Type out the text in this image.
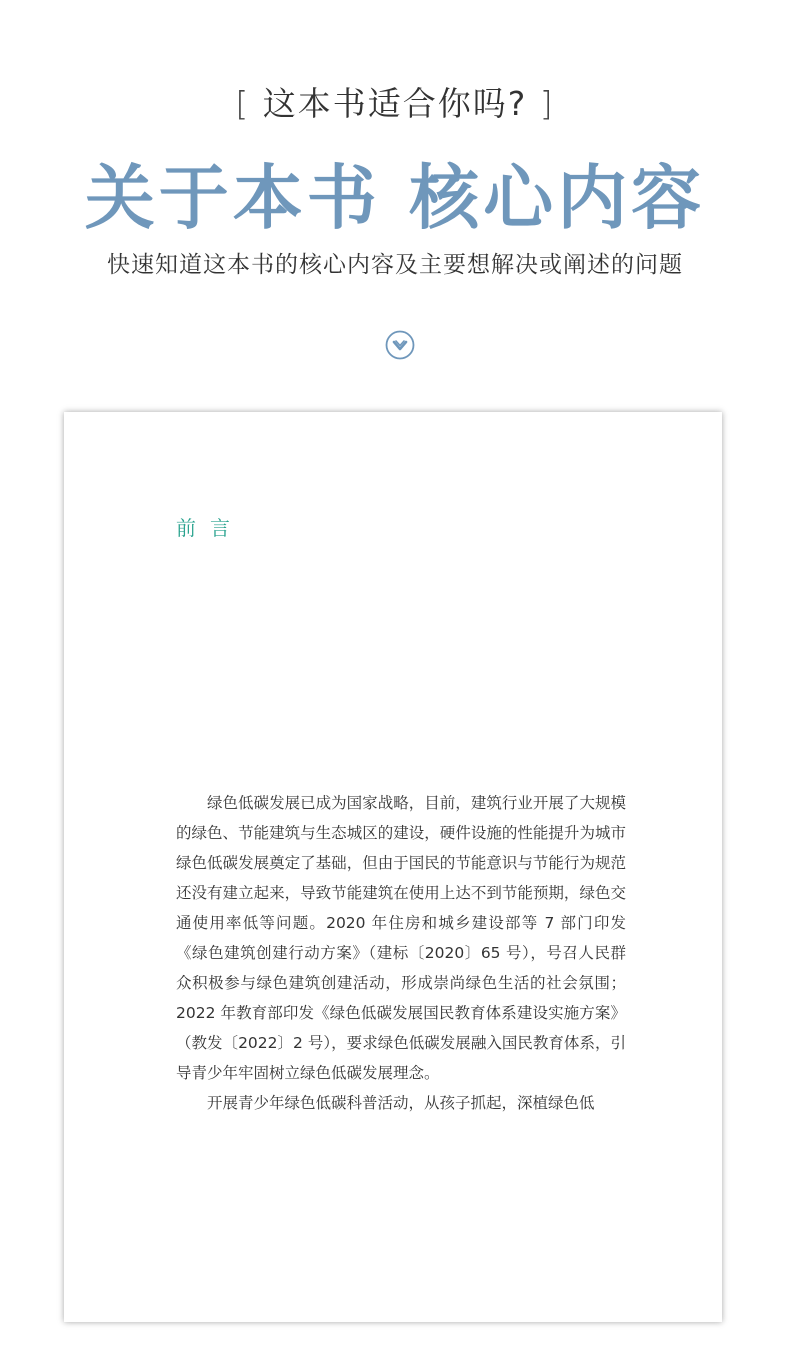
[ 这本书适合你吗? ]
关于本书 核心内容
快速知道这本书的核心内容及主要想解决或阐述的问题
前言

绿色低碳发展已成为国家战略，目前，建筑行业开展了大规模的绿色、节能建筑与生态城区的建设，硬件设施的性能提升为城市绿色低碳发展奠定了基础，但由于国民的节能意识与节能行为规范还没有建立起来，导致节能建筑在使用上达不到节能预期，绿色交通使用率低等问题。2020 年住房和城乡建设部等 7 部门印发《绿色建筑创建行动方案》（建标〔2020〕65 号），号召人民群众积极参与绿色建筑创建活动，形成崇尚绿色生活的社会氛围；2022 年教育部印发《绿色低碳发展国民教育体系建设实施方案》（教发〔2022〕2 号），要求绿色低碳发展融入国民教育体系，引导青少年牢固树立绿色低碳发展理念。

开展青少年绿色低碳科普活动，从孩子抓起，深植绿色低
